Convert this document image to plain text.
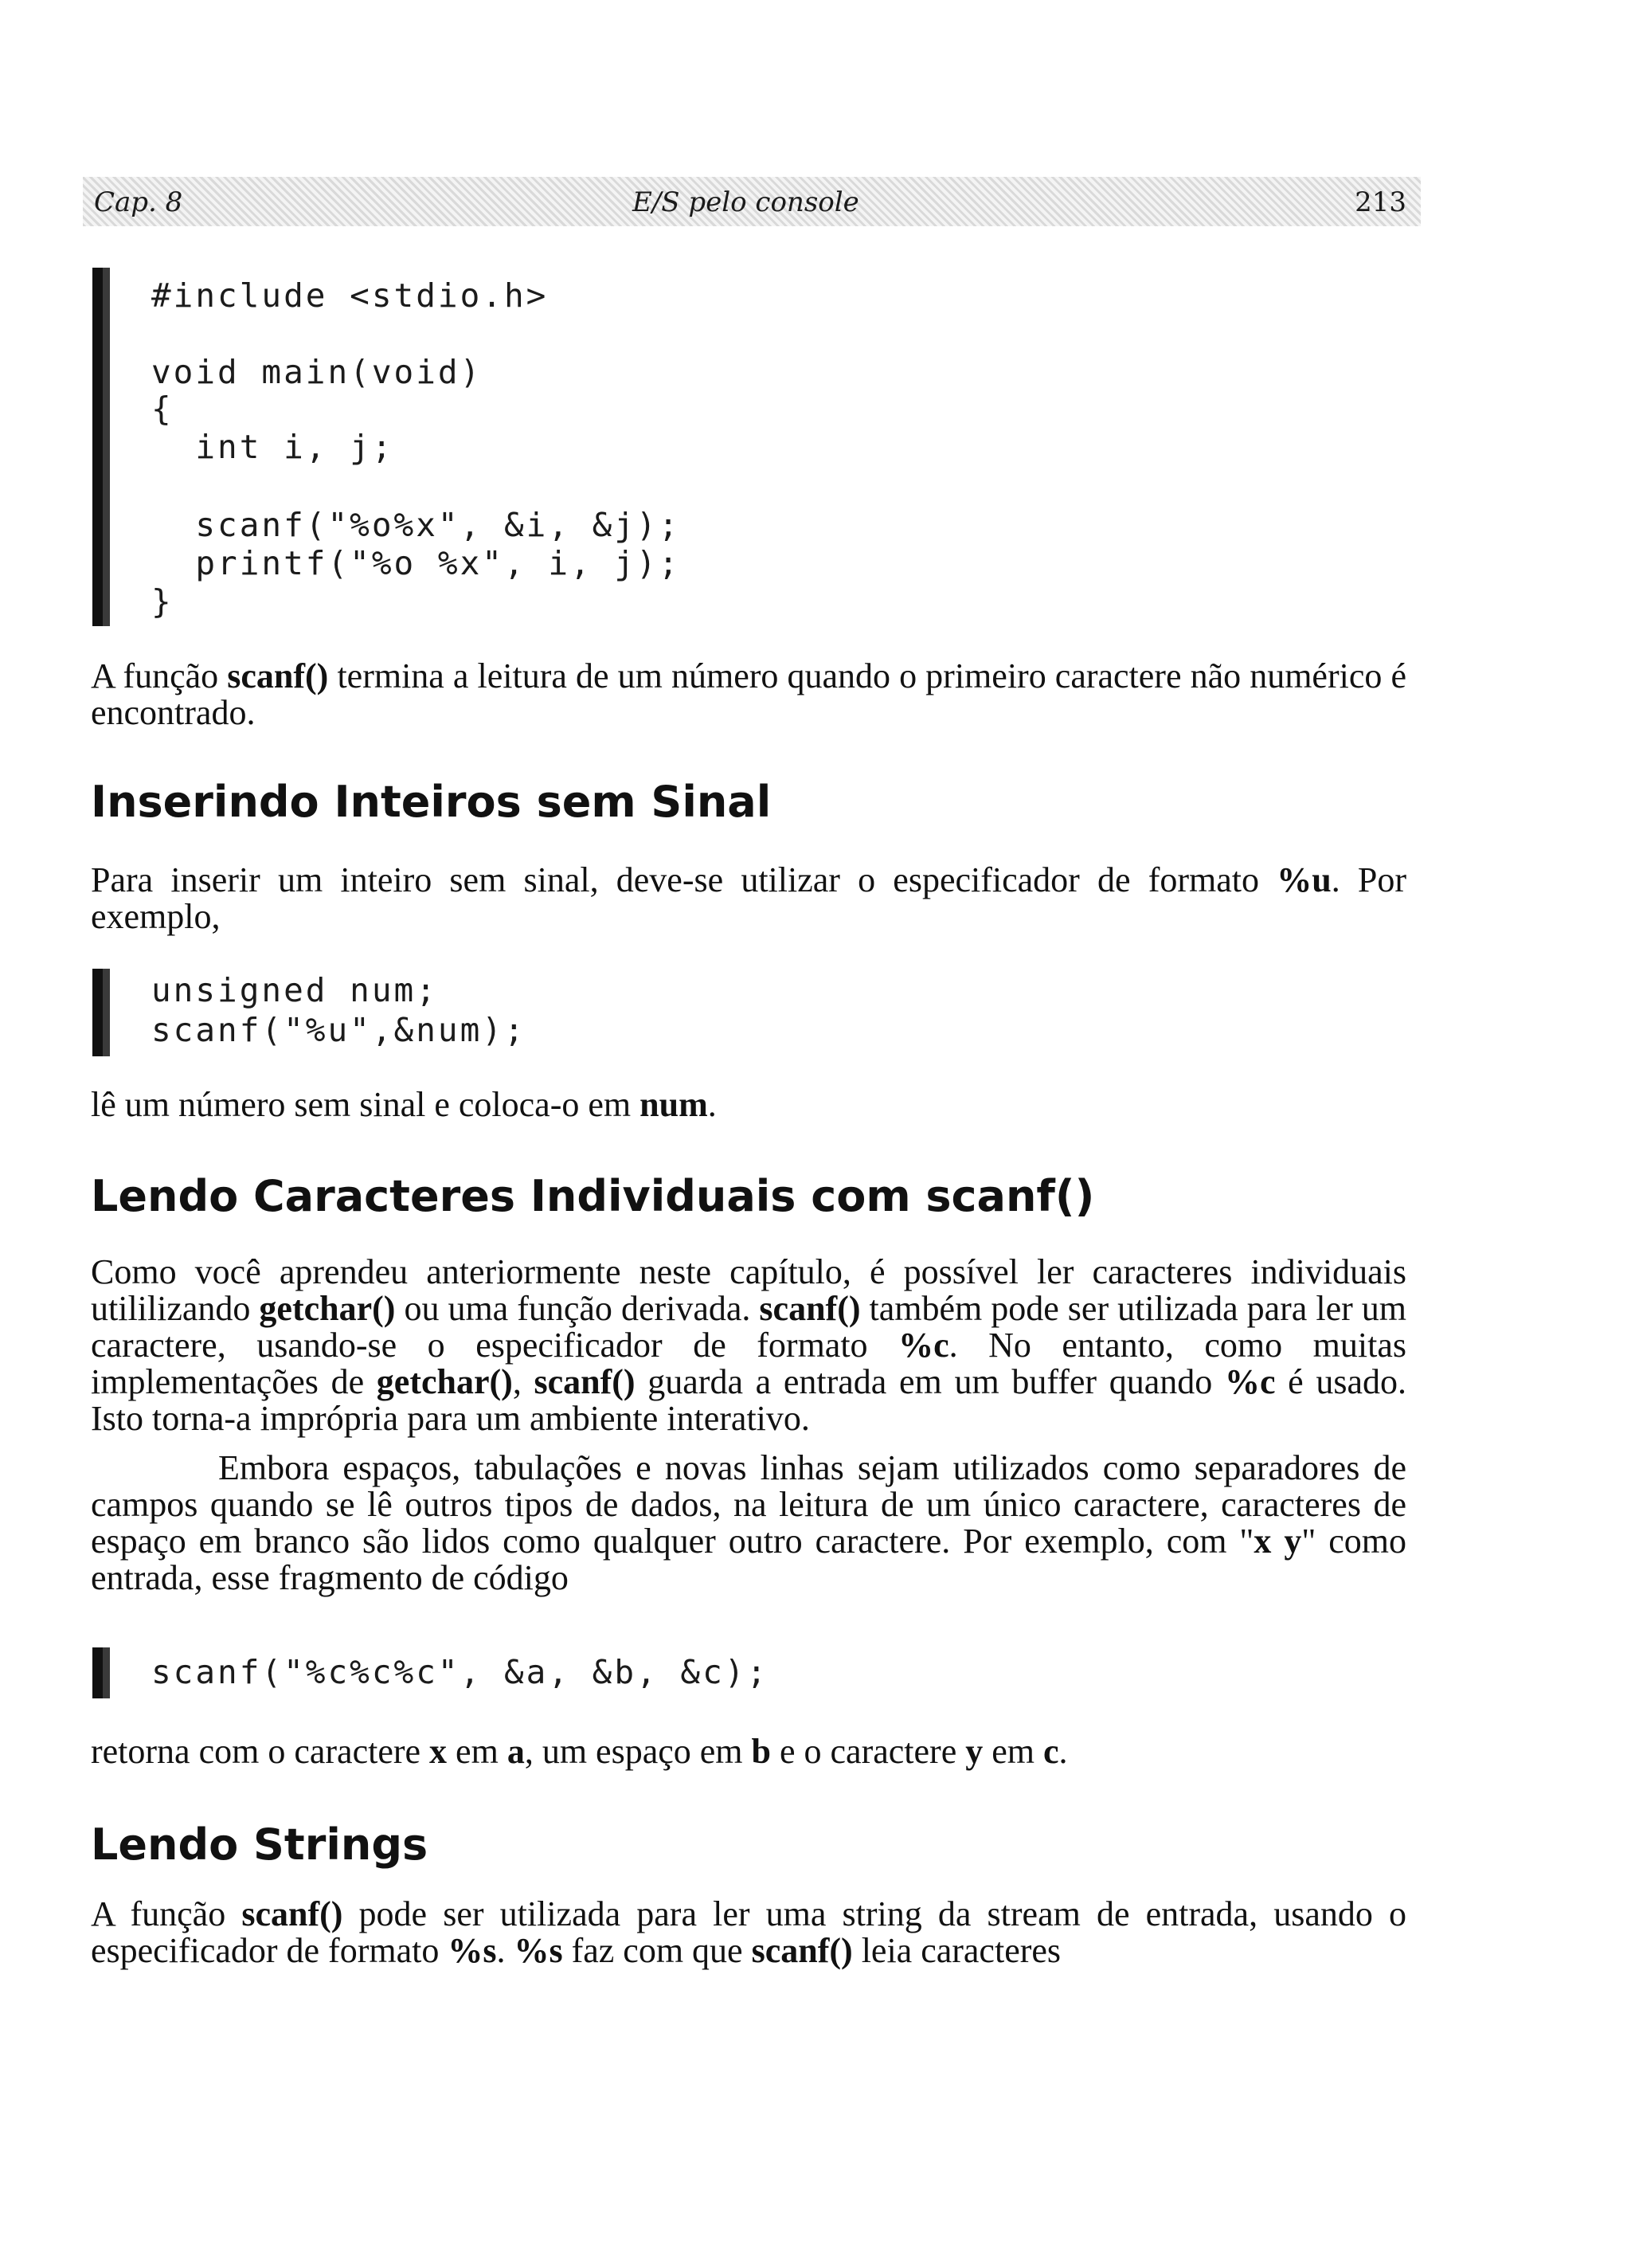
Cap. 8	E/S pelo console	213
#include <stdio.h>
void main(void)
{
int i, j;
scanf("%o%x", &i, &j);
printf("%o %x", i, j);
}

A função scanf() termina a leitura de um número quando o primeiro caractere não numérico é encontrado.

Inserindo Inteiros sem Sinal

Para inserir um inteiro sem sinal, deve-se utilizar o especificador de formato %u. Por exemplo,

unsigned num;
scanf("%u",&num);

lê um número sem sinal e coloca-o em num.

Lendo Caracteres Individuais com scanf()

Como você aprendeu anteriormente neste capítulo, é possível ler caracteres individuais utililizando getchar() ou uma função derivada. scanf() também pode ser utilizada para ler um caractere, usando-se o especificador de formato %c. No entanto, como muitas implementações de getchar(), scanf() guarda a entrada em um buffer quando %c é usado. Isto torna-a imprópria para um ambiente interativo.

Embora espaços, tabulações e novas linhas sejam utilizados como separadores de campos quando se lê outros tipos de dados, na leitura de um único caractere, caracteres de espaço em branco são lidos como qualquer outro caractere. Por exemplo, com "x y" como entrada, esse fragmento de código

scanf("%c%c%c", &a, &b, &c);

retorna com o caractere x em a, um espaço em b e o caractere y em c.

Lendo Strings

A função scanf() pode ser utilizada para ler uma string da stream de entrada, usando o especificador de formato %s. %s faz com que scanf() leia caracteres
